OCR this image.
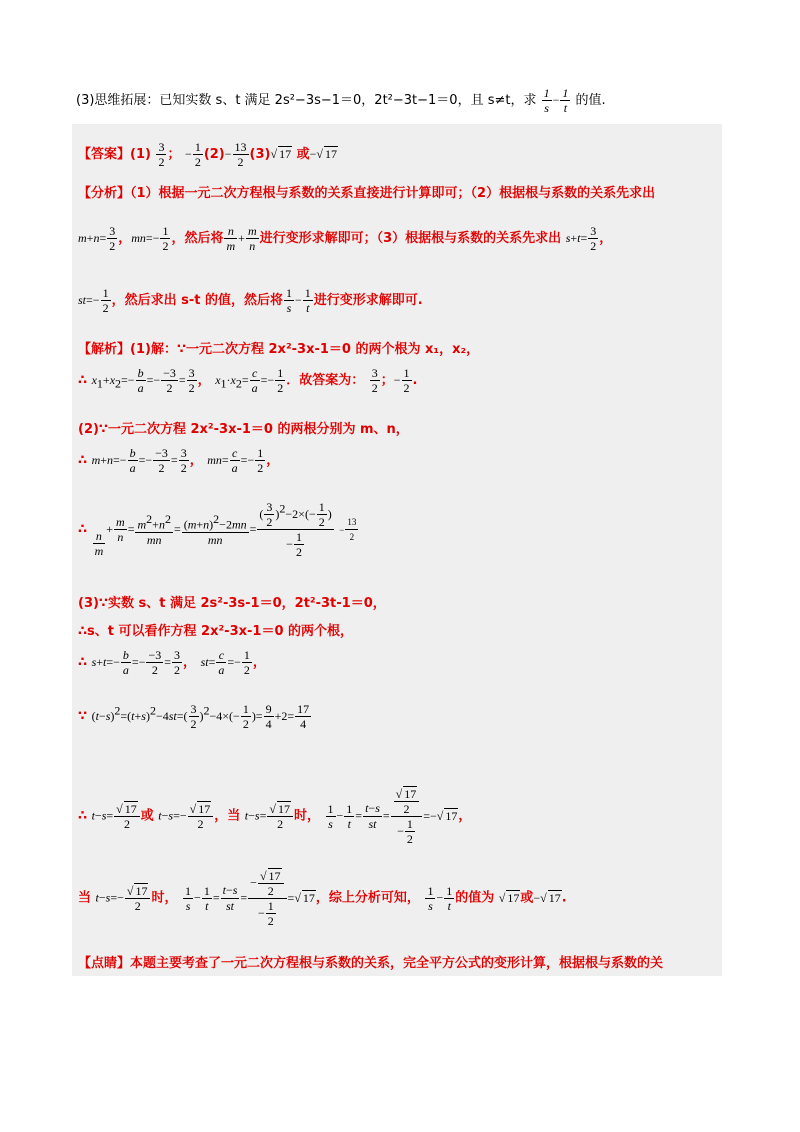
(3)思维拓展：已知实数 s、t 满足 2s²−3s−1＝0，2t²−3t−1＝0，且 s≠t，求 $\frac{1}{s} - \frac{1}{t}$ 的值.
【答案】$(1) \frac{3}{2}$ ； − $\frac{1}{2} (2)- \frac{13}{2} (3)√$ 17 或−√ 17
【分析】（1）根据一元二次方程根与系数的关系直接进行计算即可；（2）根据根与系数的关系先求出
$m+n= \frac{3}{2}$ ，$mn=- \frac{1}{2}$ ，然后将 $\frac{n}{m} + \frac{m}{n}$ 进行变形求解即可；（3）根据根与系数的关系先求出 $s+t= \frac{3}{2}$ ，
$st=- \frac{1}{2}$ ，然后求出 s-t 的值，然后将 $\frac{1}{s} - \frac{1}{t}$ 进行变形求解即可.
【解析】(1)解：∵一元二次方程 2x²-3x-1＝0 的两个根为 x₁，x₂，
∴ $x_1+x_2=- \frac{b}{a} =- \frac{-3}{2} = \frac{3}{2}$ ， $x_1\cdot x_2= \frac{c}{a} =- \frac{1}{2}$ ．故答案为： $\frac{3}{2}$ ；− $\frac{1}{2}$ .
(2)∵一元二次方程 2x²-3x-1＝0 的两根分别为 m、n，
∴ $m+n=- \frac{b}{a} =- \frac{-3}{2} = \frac{3}{2}$ ， $mn= \frac{c}{a} =- \frac{1}{2}$ ，
∴ $\frac{n}{m} + \frac{m}{n} = \frac{m^2+n^2}{mn} = \frac{(m+n)^2-2mn}{mn} = \frac{( \frac{3}{2} )^2-2\times(- \frac{1}{2} )}{- \frac{1}{2}} - \frac{13}{2}$
(3)∵实数 s、t 满足 2s²-3s-1＝0，2t²-3t-1＝0，
∴s、t 可以看作方程 2x²-3x-1＝0 的两个根，
∴ $s+t=- \frac{b}{a} =- \frac{-3}{2} = \frac{3}{2}$ ， $st= \frac{c}{a} =- \frac{1}{2}$ ，
∵ $(t-s)^2=(t+s)^2-4st=( \frac{3}{2} )^2-4\times(- \frac{1}{2}$ )= $\frac{9}{4} +2= \frac{17}{4}$
∴ $t-s= \frac{√ 17}{2}$ 或 $t-s=- \frac{√ 17}{2}$ ，当 $t-s= \frac{√ 17}{2}$ 时， $\frac{1}{s} - \frac{1}{t} = \frac{t-s}{st} = \frac{\frac{√ 17}{2}}{- \frac{1}{2}}$ =−√ 17，
当 $t-s=- \frac{√ 17}{2}$ 时， $\frac{1}{s} - \frac{1}{t} = \frac{t-s}{st} = \frac{- \frac{√ 17}{2}}{- \frac{1}{2}}$ =√ 17，综上分析可知， $\frac{1}{s} - \frac{1}{t}$ 的值为 √ 17或−√ 17.
【点睛】本题主要考查了一元二次方程根与系数的关系，完全平方公式的变形计算，根据根与系数的关
